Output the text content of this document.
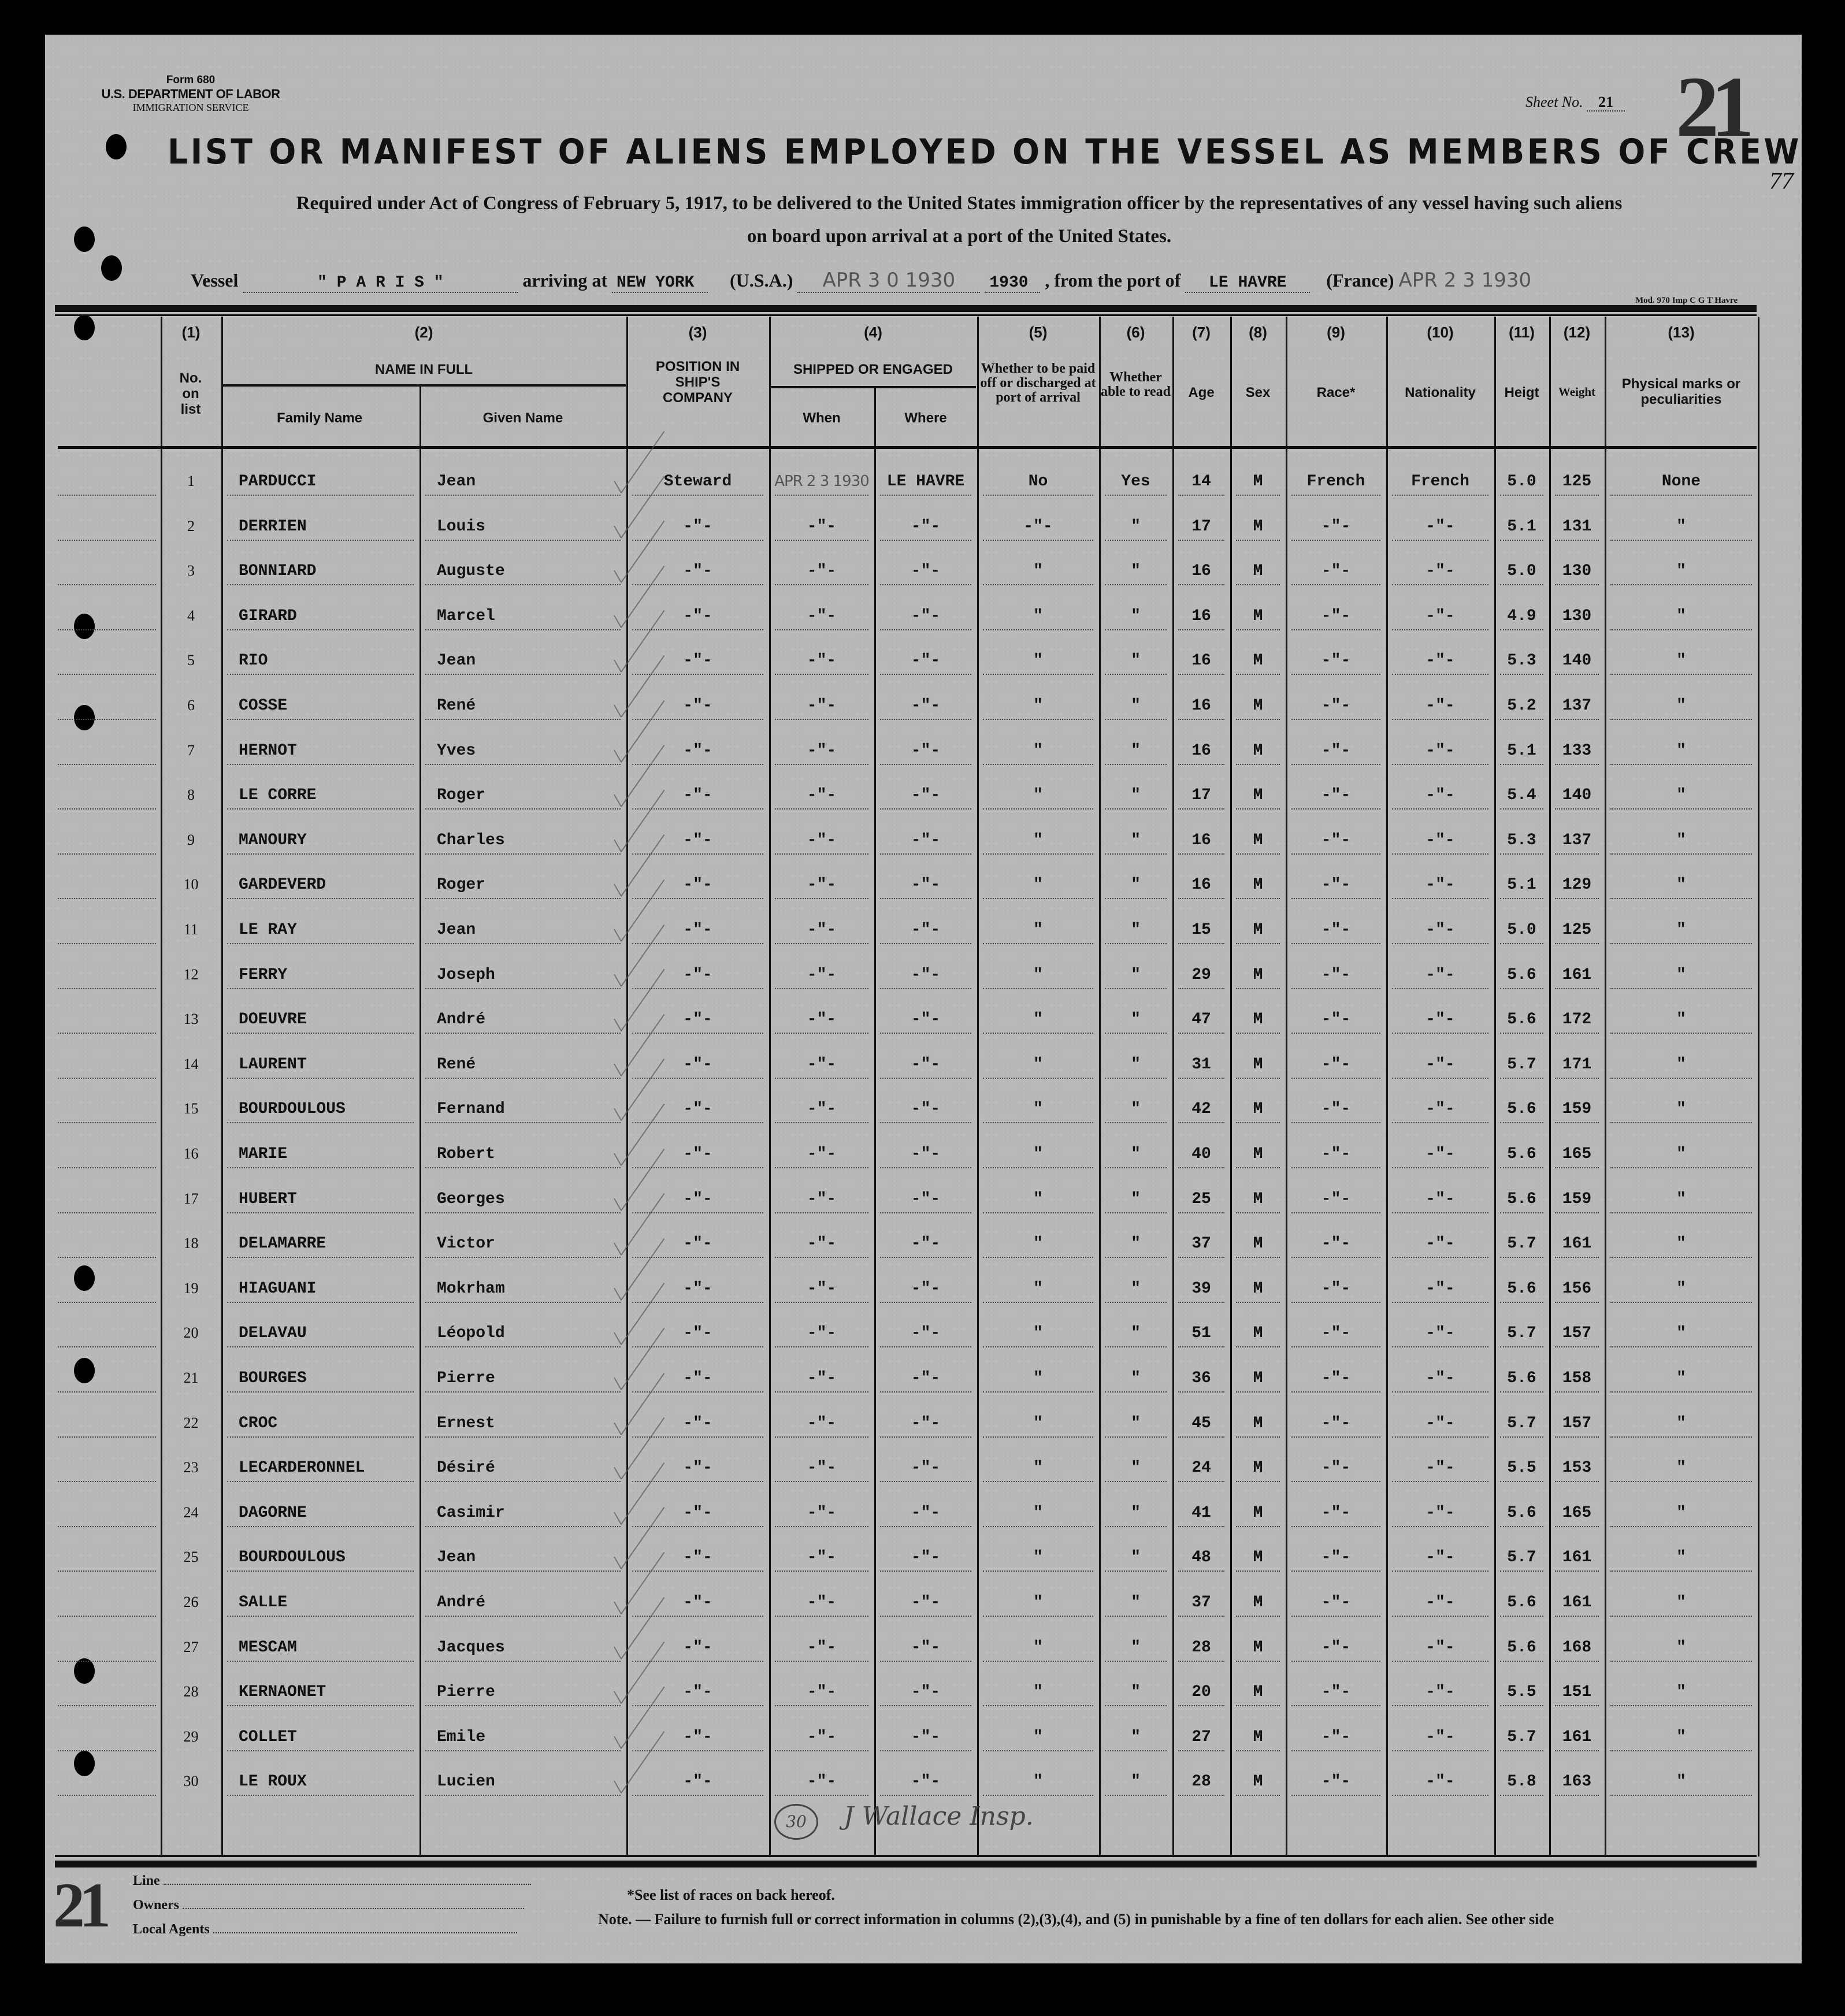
Form 680
U.S. DEPARTMENT OF LABOR
IMMIGRATION SERVICE
LIST OR MANIFEST OF ALIENS EMPLOYED ON THE VESSEL AS MEMBERS OF CREW
Sheet No. 21 21
77
Required under Act of Congress of February 5, 1917, to be delivered to the United States immigration officer by the representatives of any vessel having such aliens
on board upon arrival at a port of the United States.
Vessel	" P A R I S "	arriving at NEW YORK (U.S.A.) APR 3 0 1930 1930 , from the port of LE HAVRE (France) APR 2 3 1930
Mod. 970 Imp C G T Havre
(1)
No. on list
(2)
NAME IN FULL
Family Name	Given Name
(3)
POSITION IN SHIP'S COMPANY
(4)
SHIPPED OR ENGAGED
When	Where
(5)
Whether to be paid off or discharged at port of arrival
(6)
Whether able to read
(7)
Age
(8)
Sex
(9)
Race*
(10)
Nationality
(11)
Heigt
(12)
Weight
(13)
Physical marks or peculiarities
1	PARDUCCI	Jean	Steward	APR 2 3 1930	LE HAVRE	No	Yes	14	M	French	French	5.0	125	None
2	DERRIEN	Louis	-"-	-"-	-"-	-"-	"	17	M	-"-	-"-	5.1	131	"
3	BONNIARD	Auguste	-"-	-"-	-"-	"	"	16	M	-"-	-"-	5.0	130	"
4	GIRARD	Marcel	-"-	-"-	-"-	"	"	16	M	-"-	-"-	4.9	130	"
5	RIO	Jean	-"-	-"-	-"-	"	"	16	M	-"-	-"-	5.3	140	"
6	COSSE	René	-"-	-"-	-"-	"	"	16	M	-"-	-"-	5.2	137	"
7	HERNOT	Yves	-"-	-"-	-"-	"	"	16	M	-"-	-"-	5.1	133	"
8	LE CORRE	Roger	-"-	-"-	-"-	"	"	17	M	-"-	-"-	5.4	140	"
9	MANOURY	Charles	-"-	-"-	-"-	"	"	16	M	-"-	-"-	5.3	137	"
10	GARDEVERD	Roger	-"-	-"-	-"-	"	"	16	M	-"-	-"-	5.1	129	"
11	LE RAY	Jean	-"-	-"-	-"-	"	"	15	M	-"-	-"-	5.0	125	"
12	FERRY	Joseph	-"-	-"-	-"-	"	"	29	M	-"-	-"-	5.6	161	"
13	DOEUVRE	André	-"-	-"-	-"-	"	"	47	M	-"-	-"-	5.6	172	"
14	LAURENT	René	-"-	-"-	-"-	"	"	31	M	-"-	-"-	5.7	171	"
15	BOURDOULOUS	Fernand	-"-	-"-	-"-	"	"	42	M	-"-	-"-	5.6	159	"
16	MARIE	Robert	-"-	-"-	-"-	"	"	40	M	-"-	-"-	5.6	165	"
17	HUBERT	Georges	-"-	-"-	-"-	"	"	25	M	-"-	-"-	5.6	159	"
18	DELAMARRE	Victor	-"-	-"-	-"-	"	"	37	M	-"-	-"-	5.7	161	"
19	HIAGUANI	Mokrham	-"-	-"-	-"-	"	"	39	M	-"-	-"-	5.6	156	"
20	DELAVAU	Léopold	-"-	-"-	-"-	"	"	51	M	-"-	-"-	5.7	157	"
21	BOURGES	Pierre	-"-	-"-	-"-	"	"	36	M	-"-	-"-	5.6	158	"
22	CROC	Ernest	-"-	-"-	-"-	"	"	45	M	-"-	-"-	5.7	157	"
23	LECARDERONNEL	Désiré	-"-	-"-	-"-	"	"	24	M	-"-	-"-	5.5	153	"
24	DAGORNE	Casimir	-"-	-"-	-"-	"	"	41	M	-"-	-"-	5.6	165	"
25	BOURDOULOUS	Jean	-"-	-"-	-"-	"	"	48	M	-"-	-"-	5.7	161	"
26	SALLE	André	-"-	-"-	-"-	"	"	37	M	-"-	-"-	5.6	161	"
27	MESCAM	Jacques	-"-	-"-	-"-	"	"	28	M	-"-	-"-	5.6	168	"
28	KERNAONET	Pierre	-"-	-"-	-"-	"	"	20	M	-"-	-"-	5.5	151	"
29	COLLET	Emile	-"-	-"-	-"-	"	"	27	M	-"-	-"-	5.7	161	"
30	LE ROUX	Lucien	-"-	-"-	-"-	"	"	28	M	-"-	-"-	5.8	163	"
30	J Wallace Insp.
21 Line
Owners
Local Agents
*See list of races on back hereof.
Note. — Failure to furnish full or correct information in columns (2),(3),(4), and (5) in punishable by a fine of ten dollars for each alien. See other side
